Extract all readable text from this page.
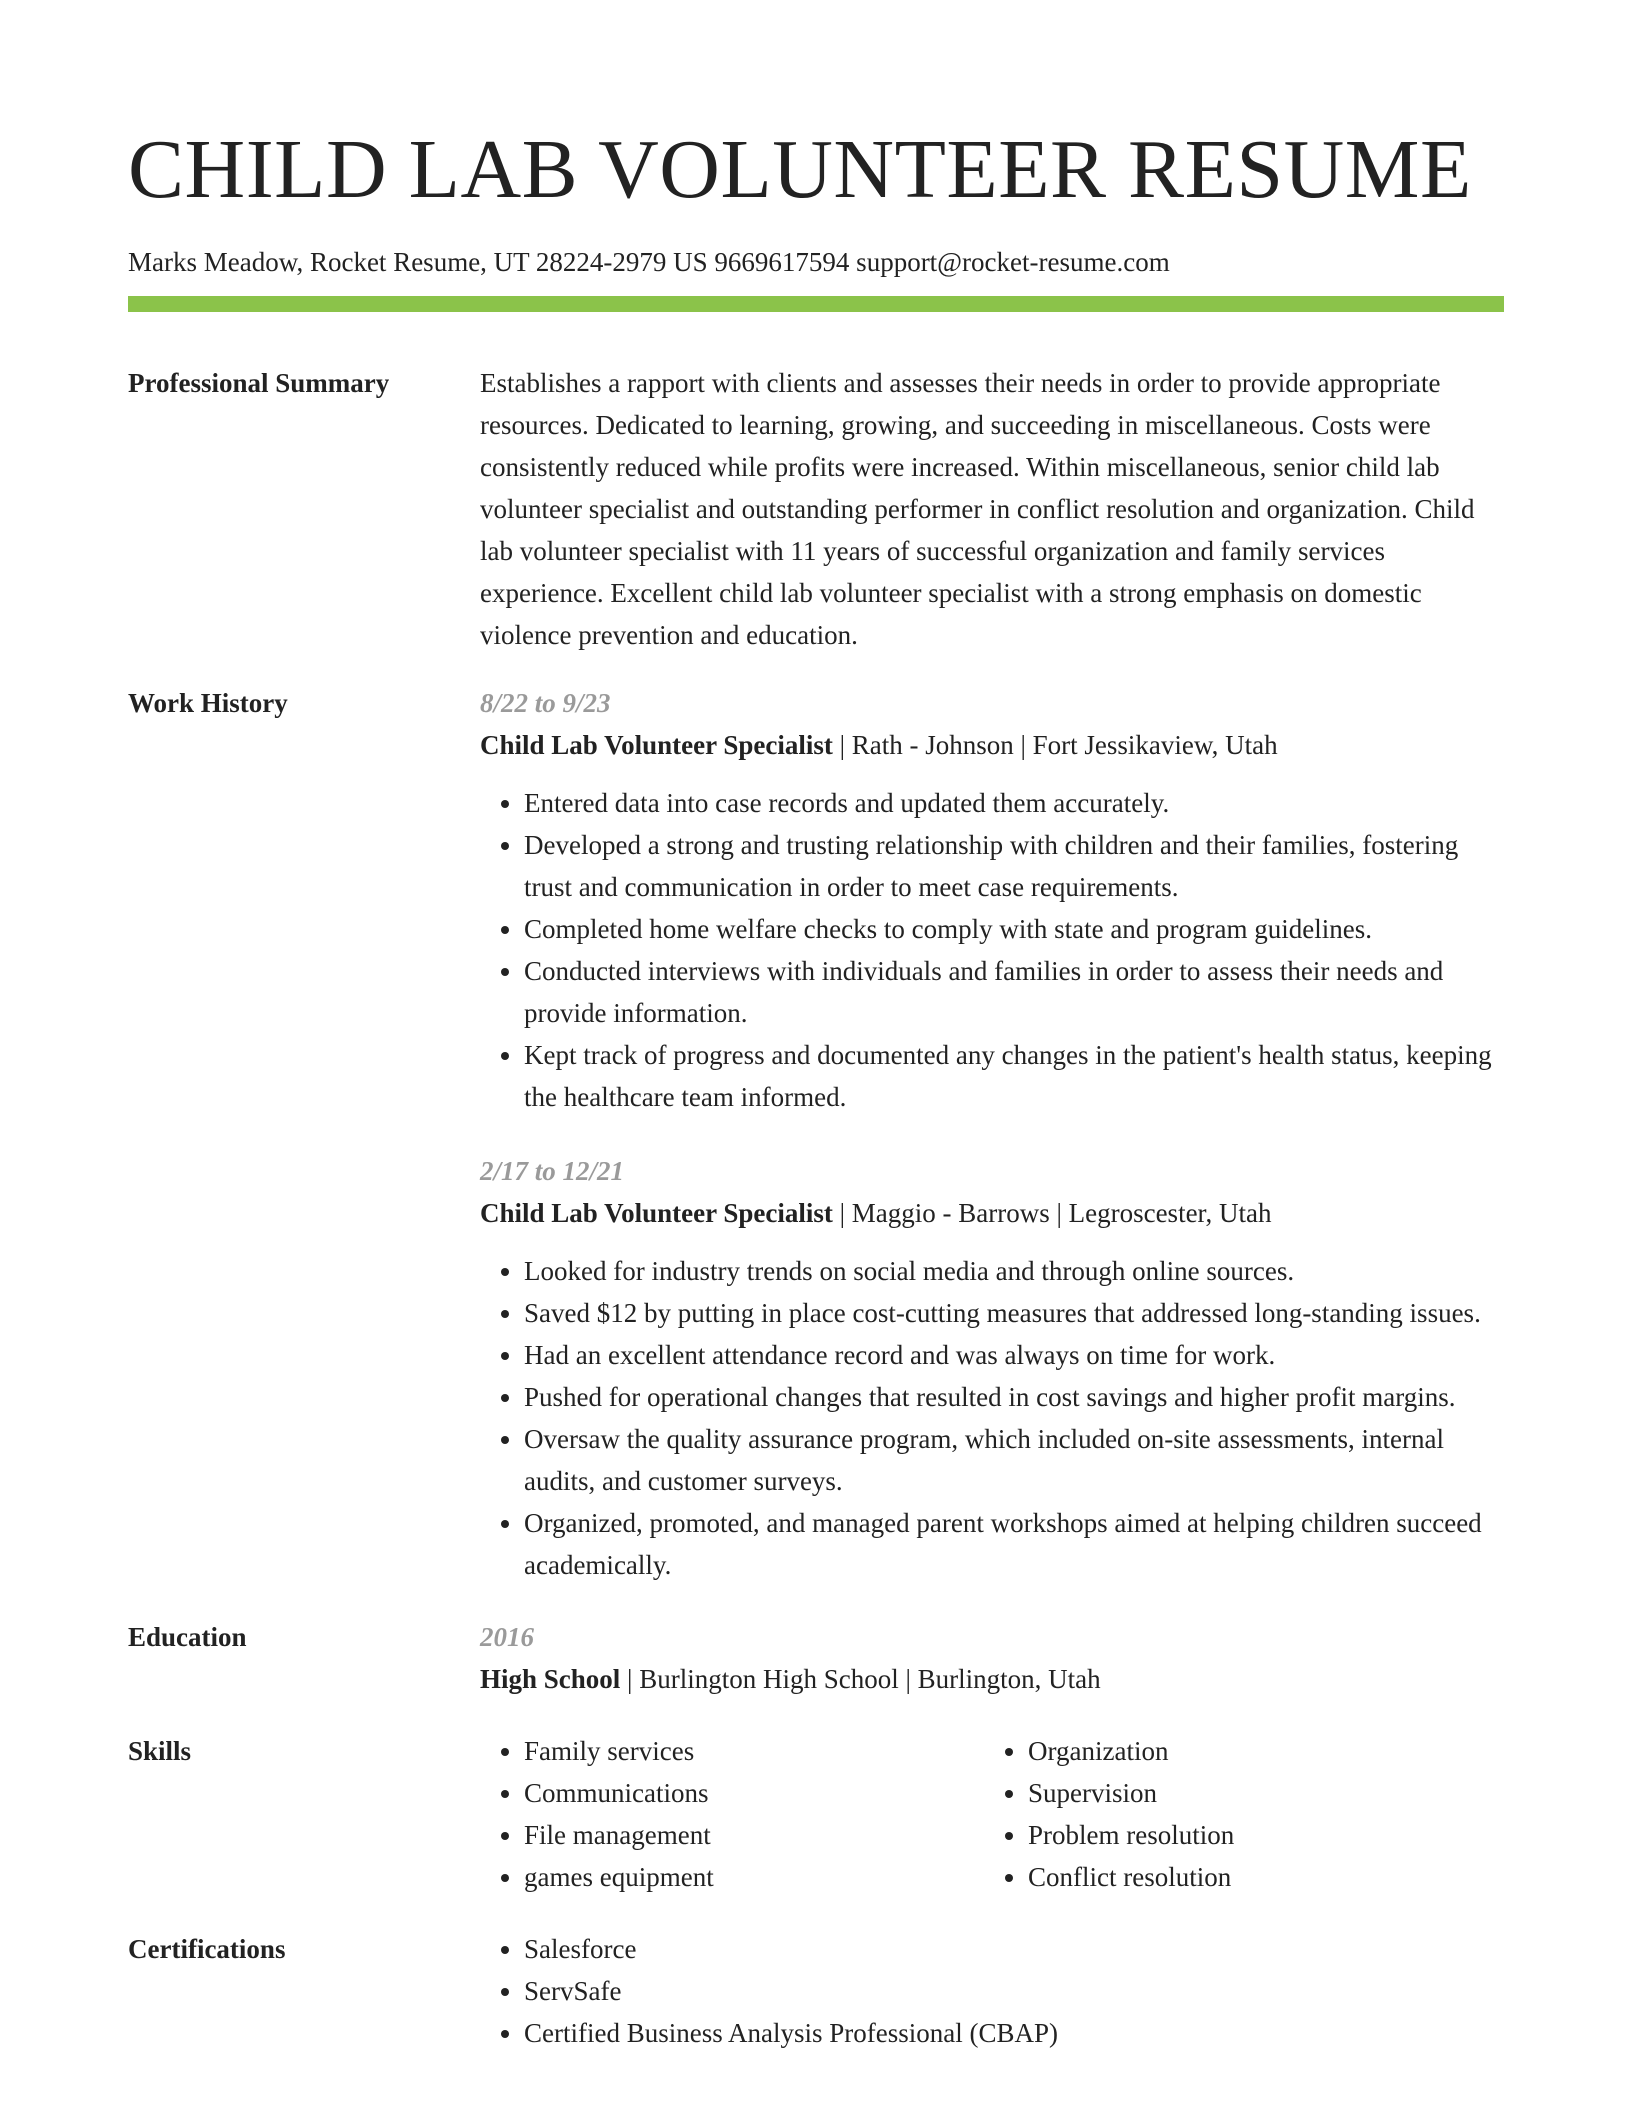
CHILD LAB VOLUNTEER RESUME
Marks Meadow, Rocket Resume, UT 28224-2979 US 9669617594 support@rocket-resume.com
Professional Summary	Establishes a rapport with clients and assesses their needs in order to provide appropriate resources. Dedicated to learning, growing, and succeeding in miscellaneous. Costs were consistently reduced while profits were increased. Within miscellaneous, senior child lab volunteer specialist and outstanding performer in conflict resolution and organization. Child lab volunteer specialist with 11 years of successful organization and family services experience. Excellent child lab volunteer specialist with a strong emphasis on domestic violence prevention and education.
Work History	8/22 to 9/23
Child Lab Volunteer Specialist | Rath - Johnson | Fort Jessikaview, Utah
• Entered data into case records and updated them accurately.
• Developed a strong and trusting relationship with children and their families, fostering trust and communication in order to meet case requirements.
• Completed home welfare checks to comply with state and program guidelines.
• Conducted interviews with individuals and families in order to assess their needs and provide information.
• Kept track of progress and documented any changes in the patient's health status, keeping the healthcare team informed.
2/17 to 12/21
Child Lab Volunteer Specialist | Maggio - Barrows | Legroscester, Utah
• Looked for industry trends on social media and through online sources.
• Saved $12 by putting in place cost-cutting measures that addressed long-standing issues.
• Had an excellent attendance record and was always on time for work.
• Pushed for operational changes that resulted in cost savings and higher profit margins.
• Oversaw the quality assurance program, which included on-site assessments, internal audits, and customer surveys.
• Organized, promoted, and managed parent workshops aimed at helping children succeed academically.
Education	2016
High School | Burlington High School | Burlington, Utah
Skills	• Family services
• Communications
• File management
• games equipment
• Organization
• Supervision
• Problem resolution
• Conflict resolution
Certifications	• Salesforce
• ServSafe
• Certified Business Analysis Professional (CBAP)
